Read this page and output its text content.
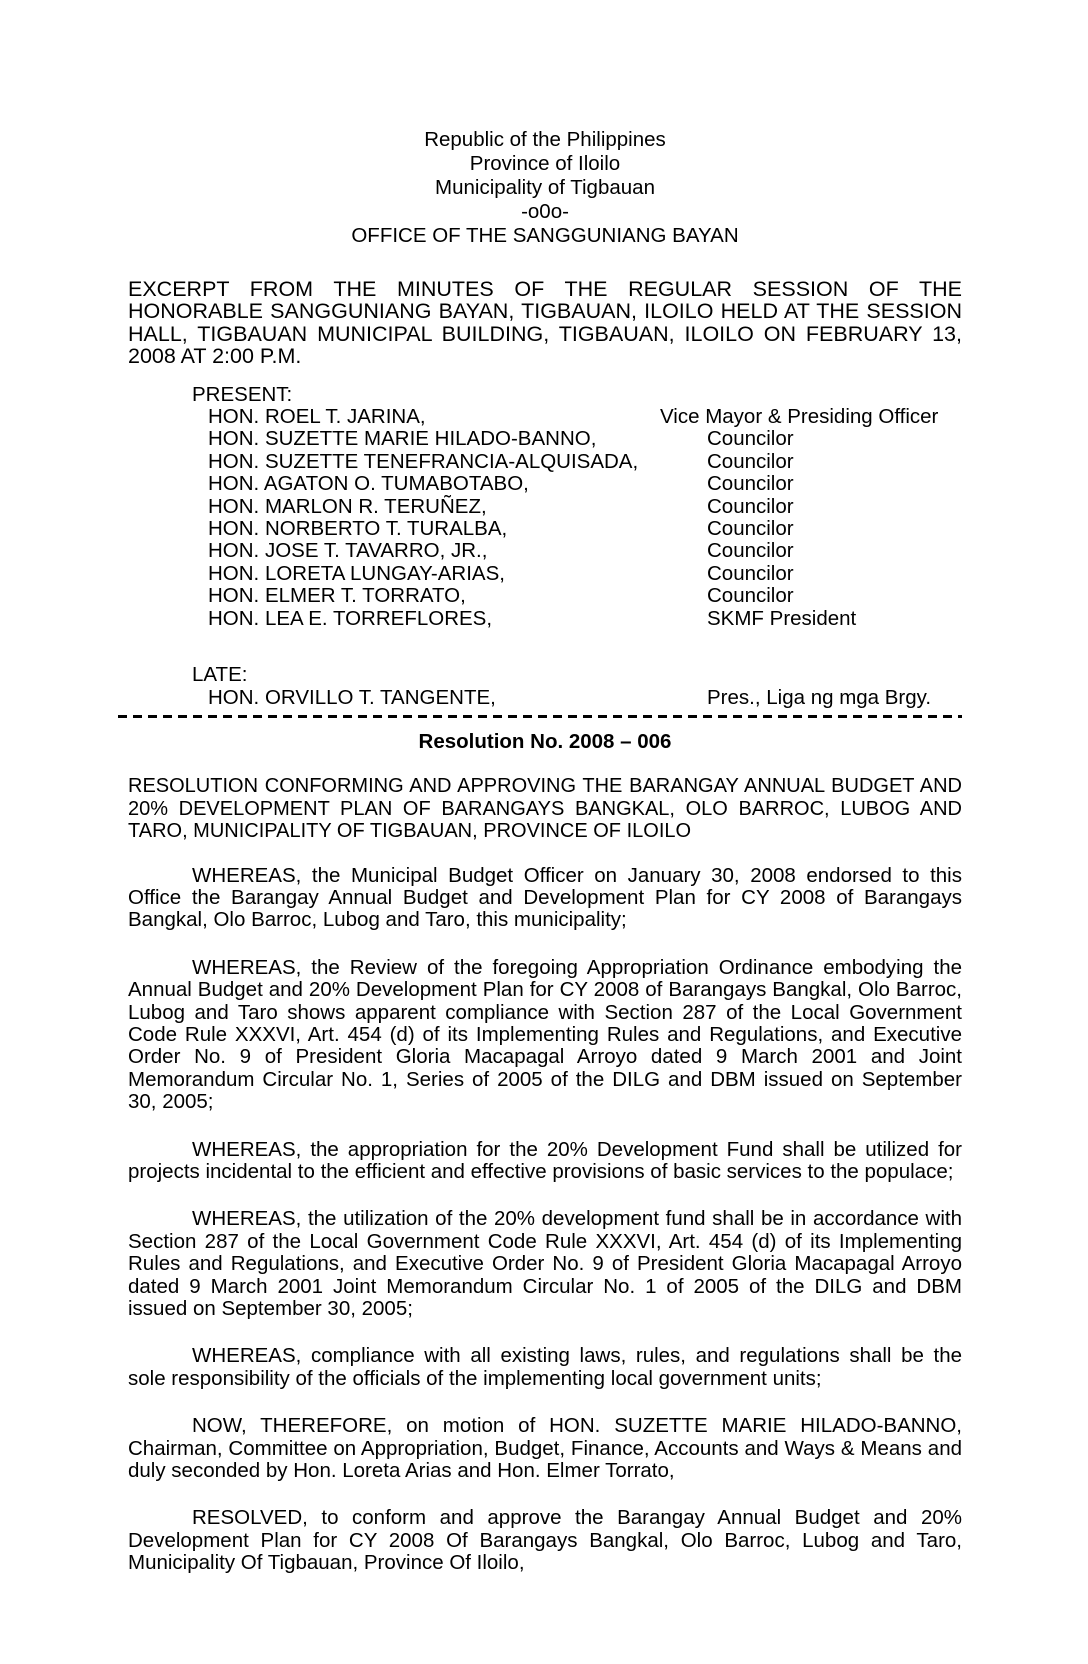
Republic of the Philippines
Province of Iloilo
Municipality of Tigbauan
-o0o-
OFFICE OF THE SANGGUNIANG BAYAN
EXCERPT FROM THE MINUTES OF THE REGULAR SESSION OF THE HONORABLE SANGGUNIANG BAYAN, TIGBAUAN, ILOILO HELD AT THE SESSION HALL, TIGBAUAN MUNICIPAL BUILDING, TIGBAUAN, ILOILO ON FEBRUARY 13, 2008 AT 2:00 P.M.
PRESENT:
HON. ROEL T. JARINA,	Vice Mayor & Presiding Officer
HON. SUZETTE MARIE HILADO-BANNO,	Councilor
HON. SUZETTE TENEFRANCIA-ALQUISADA,	Councilor
HON. AGATON O. TUMABOTABO,	Councilor
HON. MARLON R. TERUÑEZ,	Councilor
HON. NORBERTO T. TURALBA,	Councilor
HON. JOSE T. TAVARRO, JR.,	Councilor
HON. LORETA LUNGAY-ARIAS,	Councilor
HON. ELMER T. TORRATO,	Councilor
HON. LEA E. TORREFLORES,	SKMF President
LATE:
HON. ORVILLO T. TANGENTE,	Pres., Liga ng mga Brgy.
Resolution No. 2008 – 006
RESOLUTION CONFORMING AND APPROVING THE BARANGAY ANNUAL BUDGET AND 20% DEVELOPMENT PLAN OF BARANGAYS BANGKAL, OLO BARROC, LUBOG AND TARO, MUNICIPALITY OF TIGBAUAN, PROVINCE OF ILOILO
WHEREAS, the Municipal Budget Officer on January 30, 2008 endorsed to this Office the Barangay Annual Budget and Development Plan for CY 2008 of Barangays Bangkal, Olo Barroc, Lubog and Taro, this municipality;
WHEREAS, the Review of the foregoing Appropriation Ordinance embodying the Annual Budget and 20% Development Plan for CY 2008 of Barangays Bangkal, Olo Barroc, Lubog and Taro shows apparent compliance with Section 287 of the Local Government Code Rule XXXVI, Art. 454 (d) of its Implementing Rules and Regulations, and Executive Order No. 9 of President Gloria Macapagal Arroyo dated 9 March 2001 and Joint Memorandum Circular No. 1, Series of 2005 of the DILG and DBM issued on September 30, 2005;
WHEREAS, the appropriation for the 20% Development Fund shall be utilized for projects incidental to the efficient and effective provisions of basic services to the populace;
WHEREAS, the utilization of the 20% development fund shall be in accordance with Section 287 of the Local Government Code Rule XXXVI, Art. 454 (d) of its Implementing Rules and Regulations, and Executive Order No. 9 of President Gloria Macapagal Arroyo dated 9 March 2001 Joint Memorandum Circular No. 1 of 2005 of the DILG and DBM issued on September 30, 2005;
WHEREAS, compliance with all existing laws, rules, and regulations shall be the sole responsibility of the officials of the implementing local government units;
NOW, THEREFORE, on motion of HON. SUZETTE MARIE HILADO-BANNO, Chairman, Committee on Appropriation, Budget, Finance, Accounts and Ways & Means and duly seconded by Hon. Loreta Arias and Hon. Elmer Torrato,
RESOLVED, to conform and approve the Barangay Annual Budget and 20% Development Plan for CY 2008 Of Barangays Bangkal, Olo Barroc, Lubog and Taro, Municipality Of Tigbauan, Province Of Iloilo,
